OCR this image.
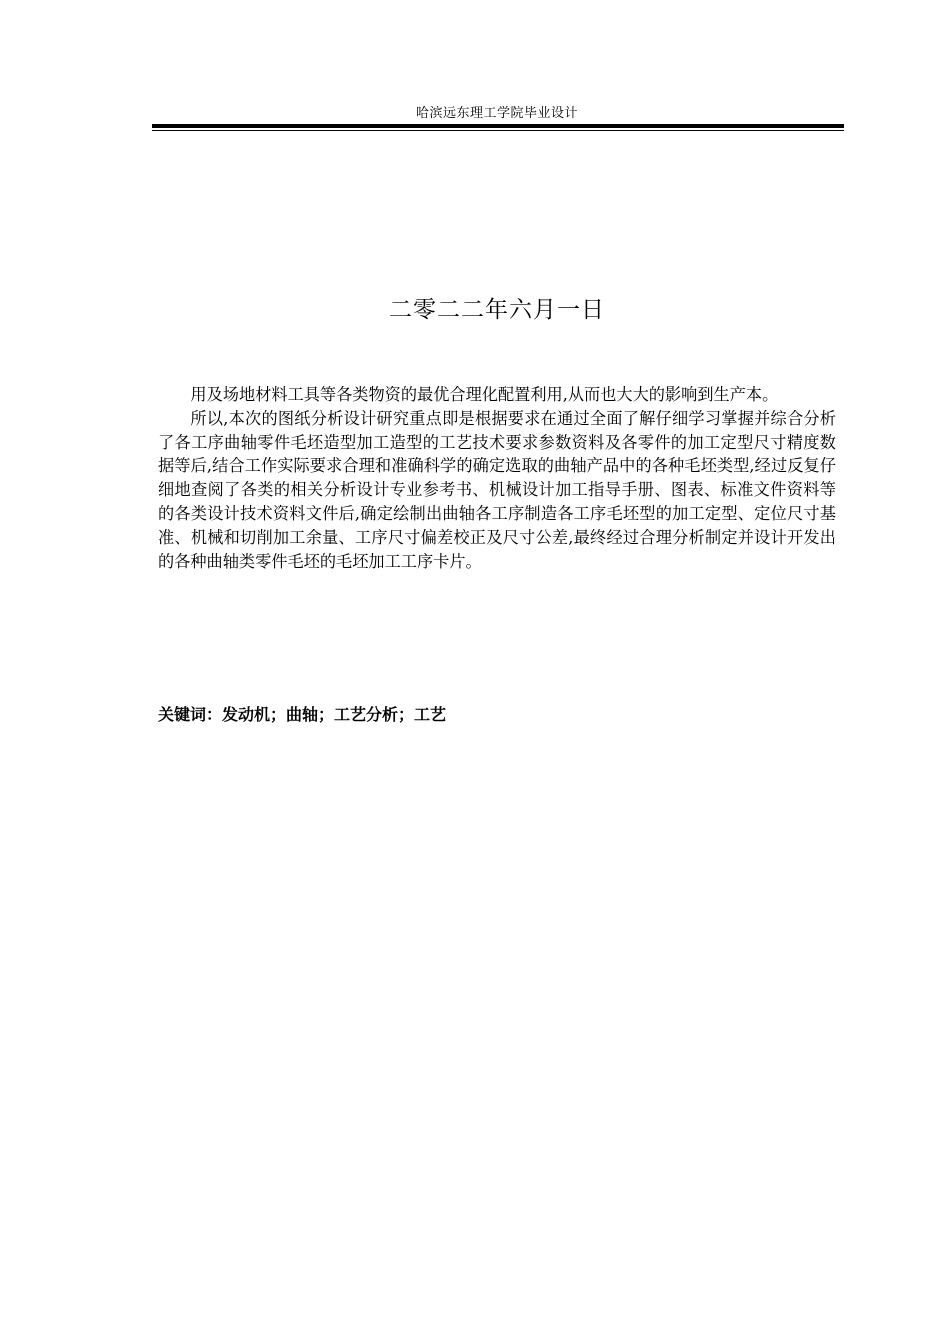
哈滨远东理工学院毕业设计
二零二二年六月一日

用及场地材料工具等各类物资的最优合理化配置利用,从而也大大的影响到生产本。

所以,本次的图纸分析设计研究重点即是根据要求在通过全面了解仔细学习掌握并综合分析了各工序曲轴零件毛坯造型加工造型的工艺技术要求参数资料及各零件的加工定型尺寸精度数据等后,结合工作实际要求合理和准确科学的确定选取的曲轴产品中的各种毛坯类型,经过反复仔细地查阅了各类的相关分析设计专业参考书、机械设计加工指导手册、图表、标准文件资料等的各类设计技术资料文件后,确定绘制出曲轴各工序制造各工序毛坯型的加工定型、定位尺寸基准、机械和切削加工余量、工序尺寸偏差校正及尺寸公差,最终经过合理分析制定并设计开发出的各种曲轴类零件毛坯的毛坯加工工序卡片。

关键词：发动机；曲轴；工艺分析；工艺
